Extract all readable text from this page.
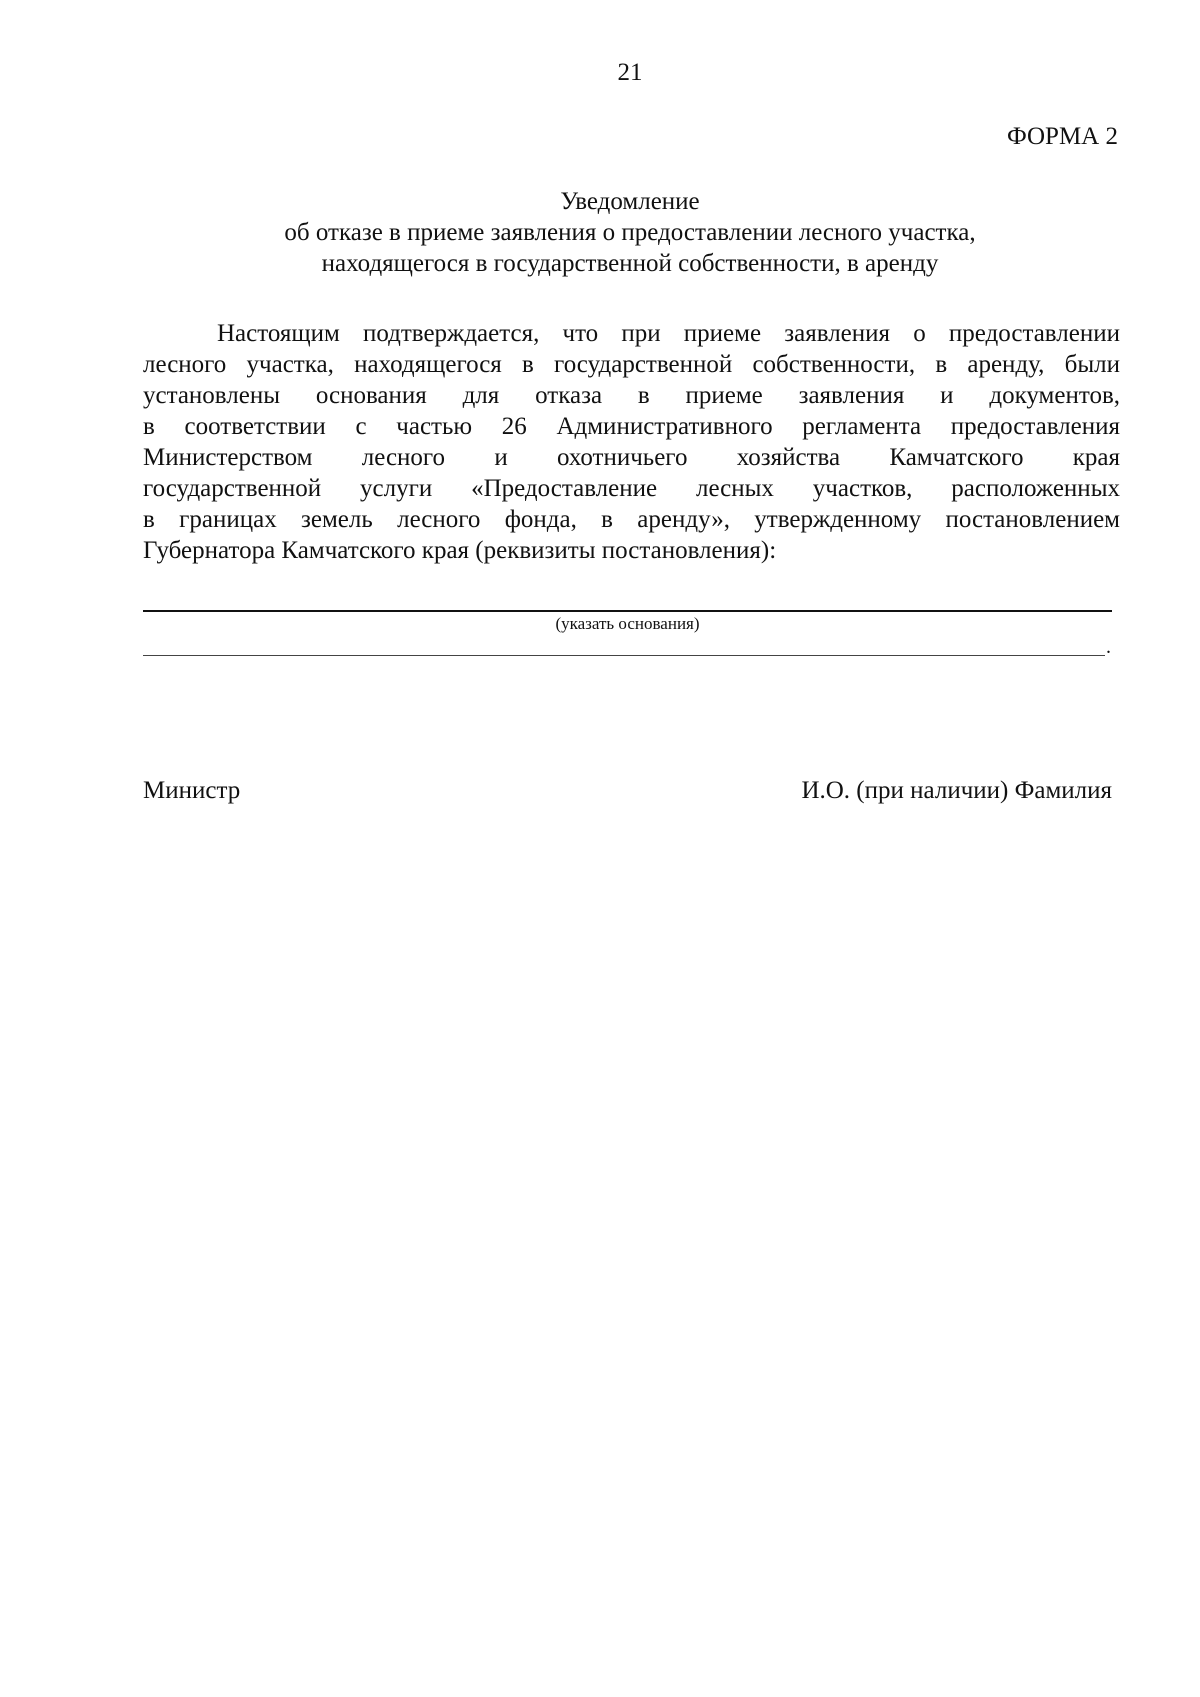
21
ФОРМА 2
Уведомление
об отказе в приеме заявления о предоставлении лесного участка,
находящегося в государственной собственности, в аренду
Настоящим подтверждается, что при приеме заявления о предоставлении
лесного участка, находящегося в государственной собственности, в аренду, были
установлены основания для отказа в приеме заявления и документов,
в соответствии с частью 26 Административного регламента предоставления
Министерством лесного и охотничьего хозяйства Камчатского края
государственной услуги «Предоставление лесных участков, расположенных
в границах земель лесного фонда, в аренду», утвержденному постановлением
Губернатора Камчатского края (реквизиты постановления):
(указать основания)
.
Министр	И.О. (при наличии) Фамилия
